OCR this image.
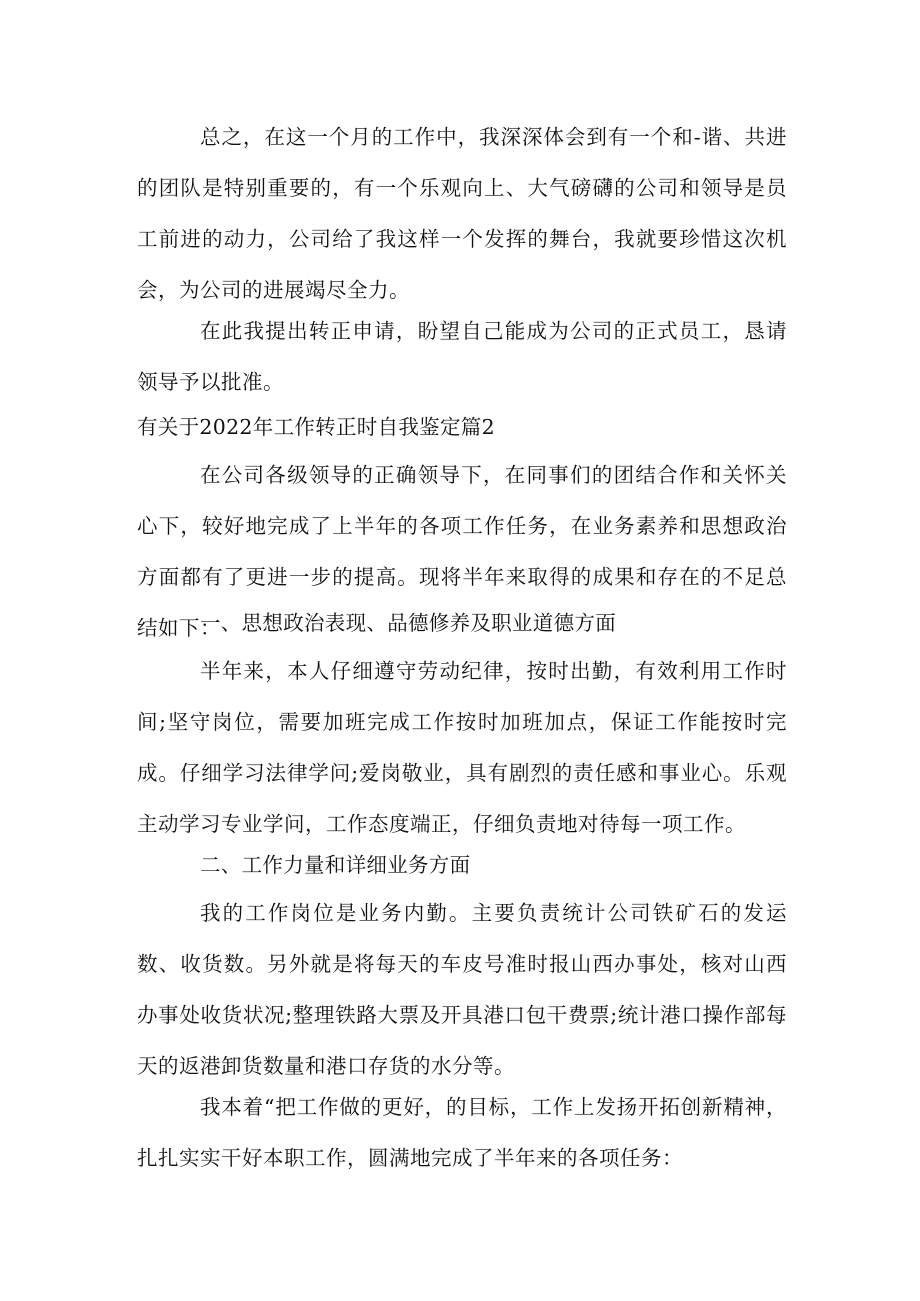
总之，在这一个月的工作中，我深深体会到有一个和-谐、共进的团队是特别重要的，有一个乐观向上、大气磅礴的公司和领导是员工前进的动力，公司给了我这样一个发挥的舞台，我就要珍惜这次机会，为公司的进展竭尽全力。

在此我提出转正申请，盼望自己能成为公司的正式员工，恳请领导予以批准。

有关于2022年工作转正时自我鉴定篇2

在公司各级领导的正确领导下，在同事们的团结合作和关怀关心下，较好地完成了上半年的各项工作任务，在业务素养和思想政治方面都有了更进一步的提高。现将半年来取得的成果和存在的不足总结如下：

一、思想政治表现、品德修养及职业道德方面

半年来，本人仔细遵守劳动纪律，按时出勤，有效利用工作时间;坚守岗位，需要加班完成工作按时加班加点，保证工作能按时完成。仔细学习法律学问;爱岗敬业，具有剧烈的责任感和事业心。乐观主动学习专业学问，工作态度端正，仔细负责地对待每一项工作。

二、工作力量和详细业务方面

我的工作岗位是业务内勤。主要负责统计公司铁矿石的发运数、收货数。另外就是将每天的车皮号准时报山西办事处，核对山西办事处收货状况;整理铁路大票及开具港口包干费票;统计港口操作部每天的返港卸货数量和港口存货的水分等。

我本着“把工作做的更好，的目标，工作上发扬开拓创新精神，扎扎实实干好本职工作，圆满地完成了半年来的各项任务：
